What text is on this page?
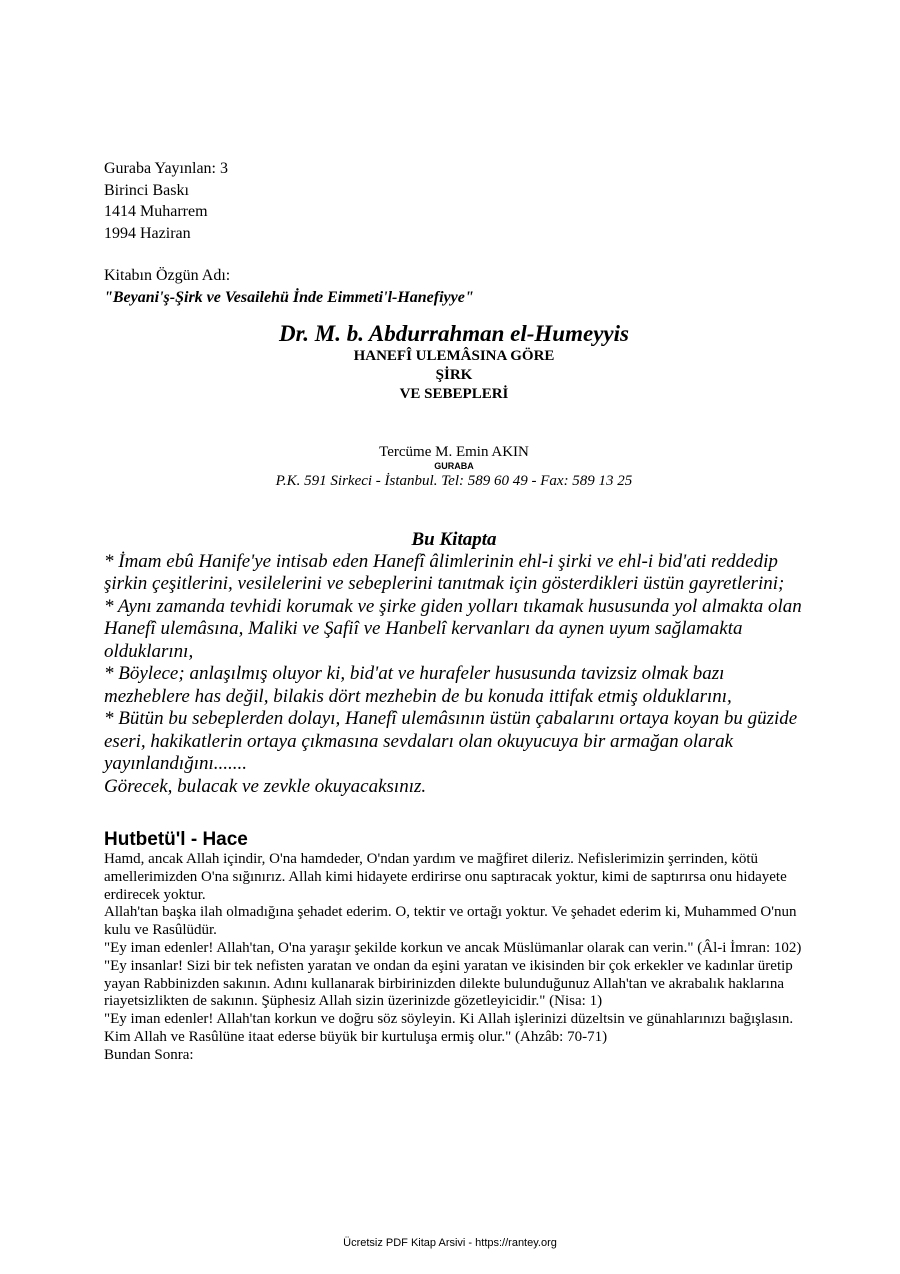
Guraba Yayınlan: 3
Birinci Baskı
1414 Muharrem
1994 Haziran
Kitabın Özgün Adı:
"Beyani'ş-Şirk ve Vesailehü İnde Eimmeti'l-Hanefiyye"
Dr. M. b. Abdurrahman el-Humeyyis
HANEFÎ ULEMÂSINA GÖRE
ŞİRK
VE SEBEPLERİ
Tercüme M. Emin AKIN
GURABA
P.K. 591 Sirkeci - İstanbul. Tel: 589 60 49 - Fax: 589 13 25
Bu Kitapta

* İmam ebû Hanife'ye intisab eden Hanefî âlimlerinin ehl-i şirki ve ehl-i bid'ati reddedip şirkin çeşitlerini, vesilelerini ve sebeplerini tanıtmak için gösterdikleri üstün gayretlerini;

* Aynı zamanda tevhidi korumak ve şirke giden yolları tıkamak hususunda yol almakta olan Hanefî ulemâsına, Maliki ve Şafiî ve Hanbelî kervanları da aynen uyum sağlamakta olduklarını,

* Böylece; anlaşılmış oluyor ki, bid'at ve hurafeler hususunda tavizsiz olmak bazı mezheblere has değil, bilakis dört mezhebin de bu konuda ittifak etmiş olduklarını,

* Bütün bu sebeplerden dolayı, Hanefî ulemâsının üstün çabalarını ortaya koyan bu güzide eseri, hakikatlerin ortaya çıkmasına sevdaları olan okuyucuya bir armağan olarak yayınlandığını.......

Görecek, bulacak ve zevkle okuyacaksınız.

Hutbetü'l - Hace

Hamd, ancak Allah içindir, O'na hamdeder, O'ndan yardım ve mağfiret dileriz. Nefislerimizin şerrinden, kötü amellerimizden O'na sığınırız. Allah kimi hidayete erdirirse onu saptıracak yoktur, kimi de saptırırsa onu hidayete erdirecek yoktur.

Allah'tan başka ilah olmadığına şehadet ederim. O, tektir ve ortağı yoktur. Ve şehadet ederim ki, Muhammed O'nun kulu ve Rasûlüdür.

"Ey iman edenler! Allah'tan, O'na yaraşır şekilde korkun ve ancak Müslümanlar olarak can verin." (Âl-i İmran: 102)

"Ey insanlar! Sizi bir tek nefisten yaratan ve ondan da eşini yaratan ve ikisinden bir çok erkekler ve kadınlar üretip yayan Rabbinizden sakının. Adını kullanarak birbirinizden dilekte bulunduğunuz Allah'tan ve akrabalık haklarına riayetsizlikten de sakının. Şüphesiz Allah sizin üzerinizde gözetleyicidir." (Nisa: 1)

"Ey iman edenler! Allah'tan korkun ve doğru söz söyleyin. Ki Allah işlerinizi düzeltsin ve günahlarınızı bağışlasın. Kim Allah ve Rasûlüne itaat ederse büyük bir kurtuluşa ermiş olur." (Ahzâb: 70-71)

Bundan Sonra:

Ücretsiz PDF Kitap Arsivi - https://rantey.org
